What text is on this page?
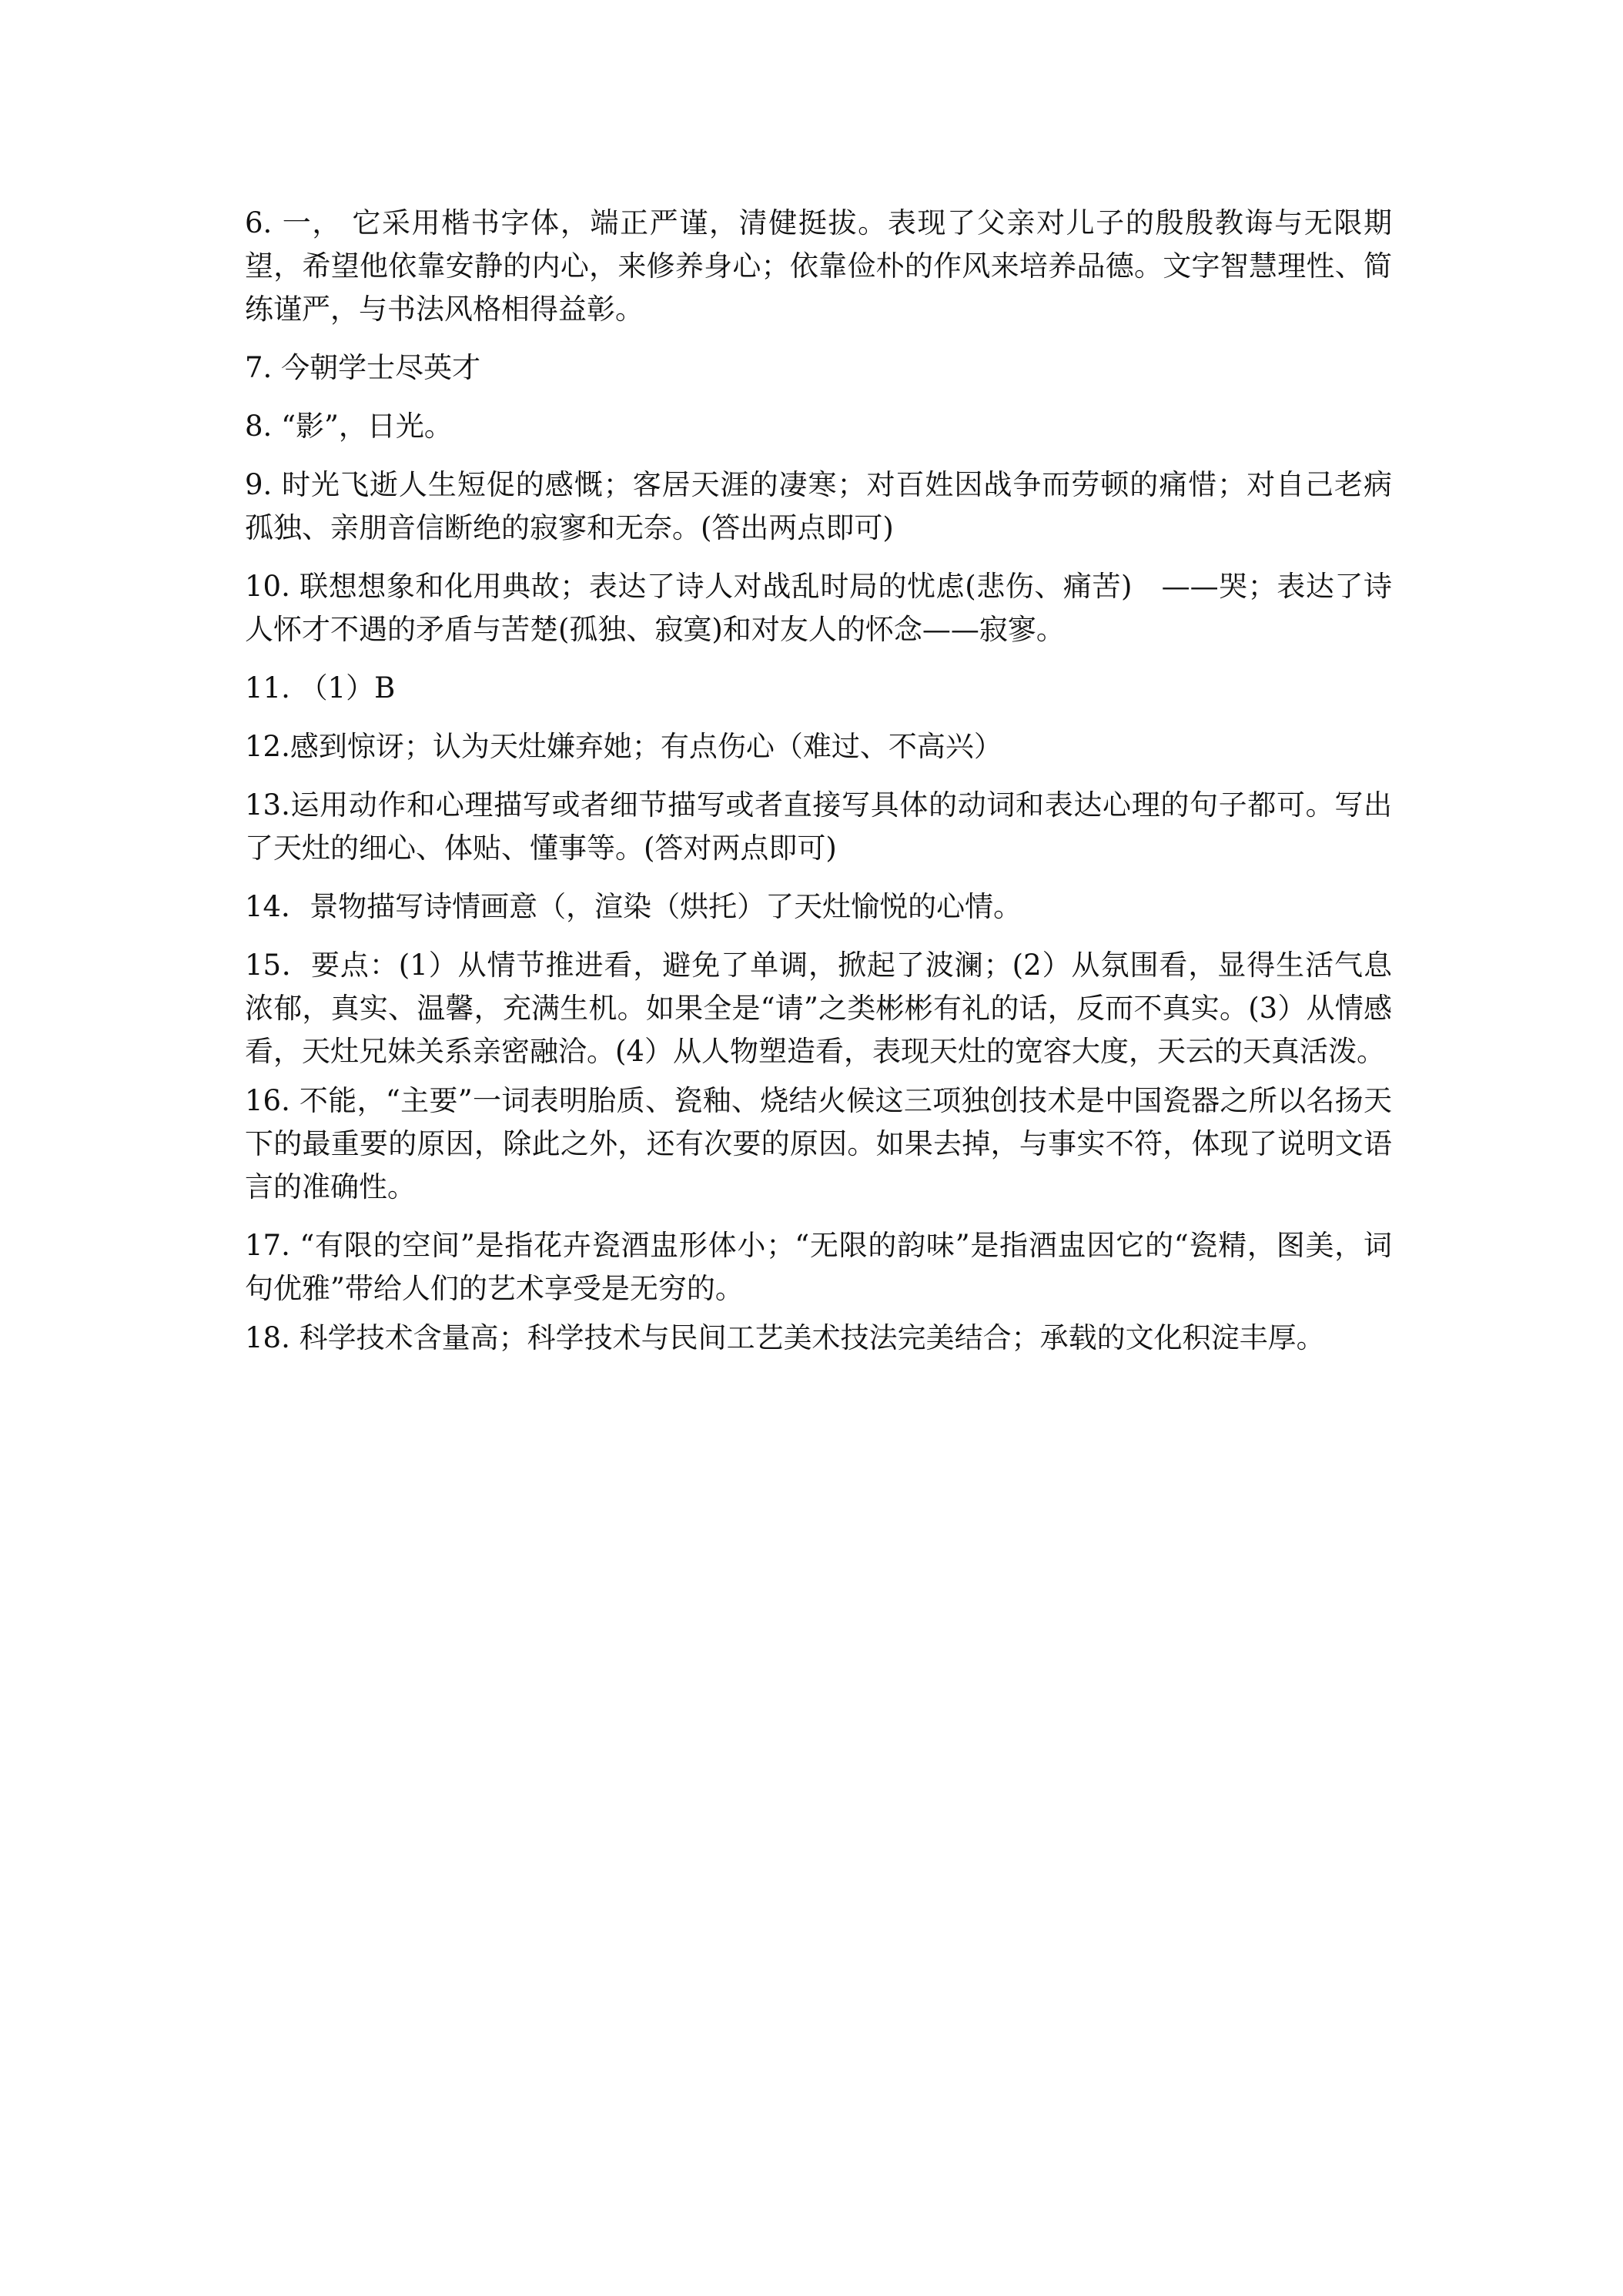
6. 一， 它采用楷书字体，端正严谨，清健挺拔。表现了父亲对儿子的殷殷教诲与无限期望，希望他依靠安静的内心，来修养身心；依靠俭朴的作风来培养品德。文字智慧理性、简练谨严，与书法风格相得益彰。

7. 今朝学士尽英才

8. “影”，日光。

9. 时光飞逝人生短促的感慨；客居天涯的凄寒；对百姓因战争而劳顿的痛惜；对自己老病孤独、亲朋音信断绝的寂寥和无奈。(答出两点即可)

10. 联想想象和化用典故；表达了诗人对战乱时局的忧虑(悲伤、痛苦)　——哭；表达了诗人怀才不遇的矛盾与苦楚(孤独、寂寞)和对友人的怀念——寂寥。

11. （1）B

12.感到惊讶；认为天灶嫌弃她；有点伤心（难过、不高兴）

13.运用动作和心理描写或者细节描写或者直接写具体的动词和表达心理的句子都可。写出了天灶的细心、体贴、懂事等。(答对两点即可)

14．景物描写诗情画意（，渲染（烘托）了天灶愉悦的心情。

15．要点：(1）从情节推进看，避免了单调，掀起了波澜；(2）从氛围看，显得生活气息浓郁，真实、温馨，充满生机。如果全是“请”之类彬彬有礼的话，反而不真实。(3）从情感看，天灶兄妹关系亲密融洽。(4）从人物塑造看，表现天灶的宽容大度，天云的天真活泼。

16. 不能，“主要”一词表明胎质、瓷釉、烧结火候这三项独创技术是中国瓷器之所以名扬天下的最重要的原因，除此之外，还有次要的原因。如果去掉，与事实不符，体现了说明文语言的准确性。

17. “有限的空间”是指花卉瓷酒盅形体小；“无限的韵味”是指酒盅因它的“瓷精，图美，词句优雅”带给人们的艺术享受是无穷的。

18. 科学技术含量高；科学技术与民间工艺美术技法完美结合；承载的文化积淀丰厚。
